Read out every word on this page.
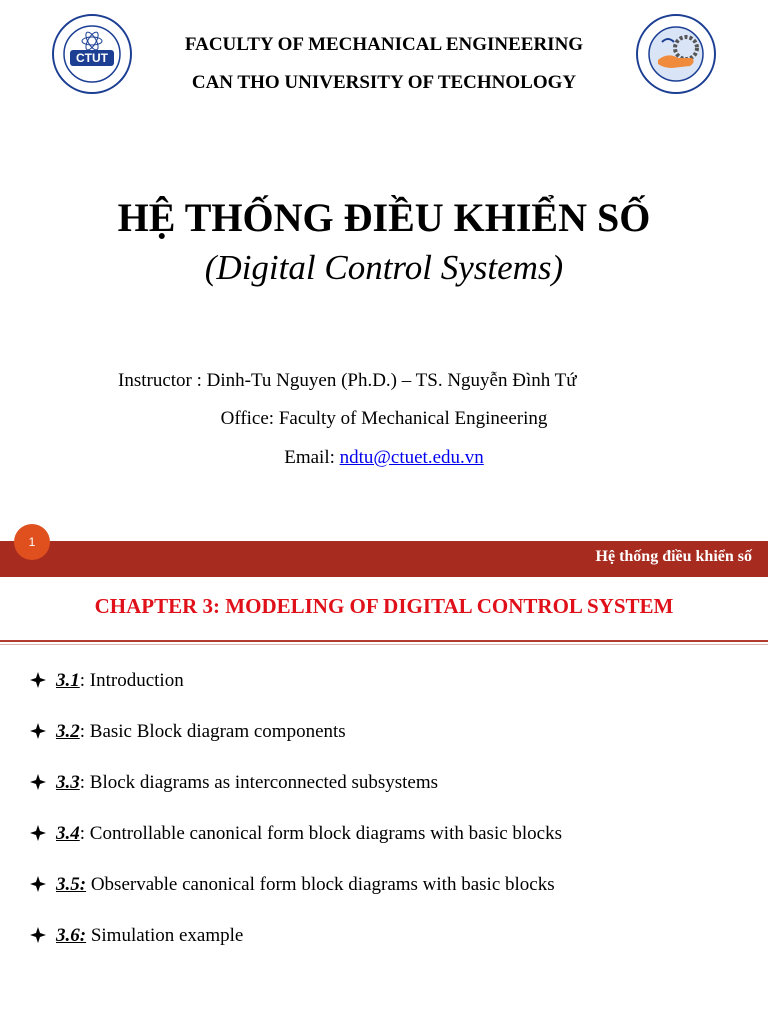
CTUT
FACULTY OF MECHANICAL ENGINEERING
CAN THO UNIVERSITY OF TECHNOLOGY
HỆ THỐNG ĐIỀU KHIỂN SỐ
(Digital Control Systems)
Instructor : Dinh-Tu Nguyen (Ph.D.) – TS. Nguyễn Đình Tứ
Office: Faculty of Mechanical Engineering
Email: ndtu@ctuet.edu.vn
1
Hệ thống điều khiển số
CHAPTER 3: MODELING OF DIGITAL CONTROL SYSTEM
3.1: Introduction
3.2: Basic Block diagram components
3.3: Block diagrams as interconnected subsystems
3.4: Controllable canonical form block diagrams with basic blocks
3.5: Observable canonical form block diagrams with basic blocks
3.6: Simulation example
